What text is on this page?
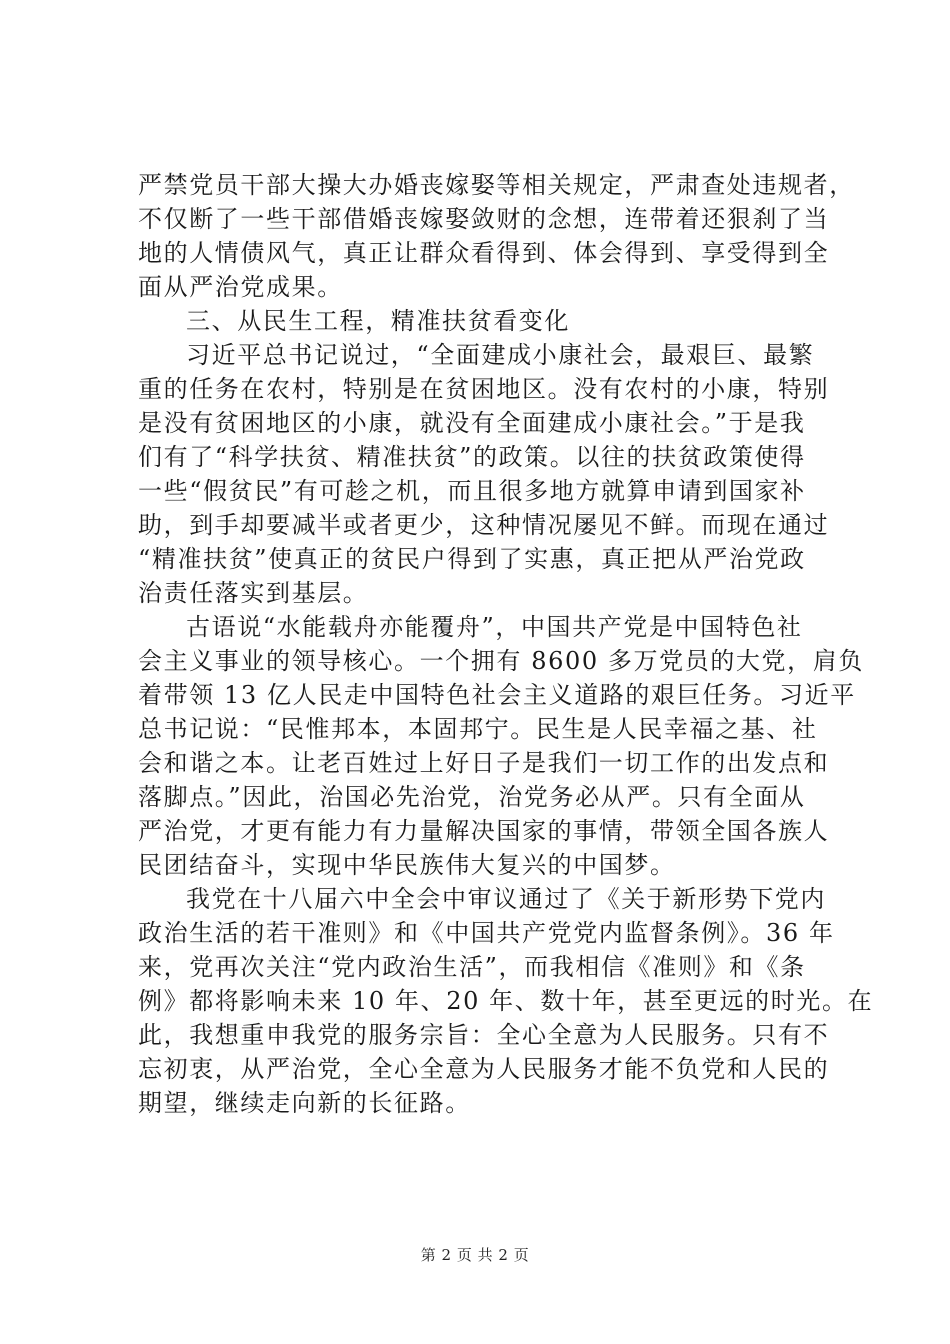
严禁党员干部大操大办婚丧嫁娶等相关规定，严肃查处违规者，
不仅断了一些干部借婚丧嫁娶敛财的念想，连带着还狠刹了当
地的人情债风气，真正让群众看得到、体会得到、享受得到全
面从严治党成果。
三、从民生工程，精准扶贫看变化
习近平总书记说过，“全面建成小康社会，最艰巨、最繁
重的任务在农村，特别是在贫困地区。没有农村的小康，特别
是没有贫困地区的小康，就没有全面建成小康社会。”于是我
们有了“科学扶贫、精准扶贫”的政策。以往的扶贫政策使得
一些“假贫民”有可趁之机，而且很多地方就算申请到国家补
助，到手却要减半或者更少，这种情况屡见不鲜。而现在通过
“精准扶贫”使真正的贫民户得到了实惠，真正把从严治党政
治责任落实到基层。
古语说“水能载舟亦能覆舟”，中国共产党是中国特色社
会主义事业的领导核心。一个拥有 8600 多万党员的大党，肩负
着带领 13 亿人民走中国特色社会主义道路的艰巨任务。习近平
总书记说：“民惟邦本，本固邦宁。民生是人民幸福之基、社
会和谐之本。让老百姓过上好日子是我们一切工作的出发点和
落脚点。”因此，治国必先治党，治党务必从严。只有全面从
严治党，才更有能力有力量解决国家的事情，带领全国各族人
民团结奋斗，实现中华民族伟大复兴的中国梦。
我党在十八届六中全会中审议通过了《关于新形势下党内
政治生活的若干准则》和《中国共产党党内监督条例》。36 年
来，党再次关注“党内政治生活”，而我相信《准则》和《条
例》都将影响未来 10 年、20 年、数十年，甚至更远的时光。在
此，我想重申我党的服务宗旨：全心全意为人民服务。只有不
忘初衷，从严治党，全心全意为人民服务才能不负党和人民的
期望，继续走向新的长征路。
第 2 页 共 2 页
